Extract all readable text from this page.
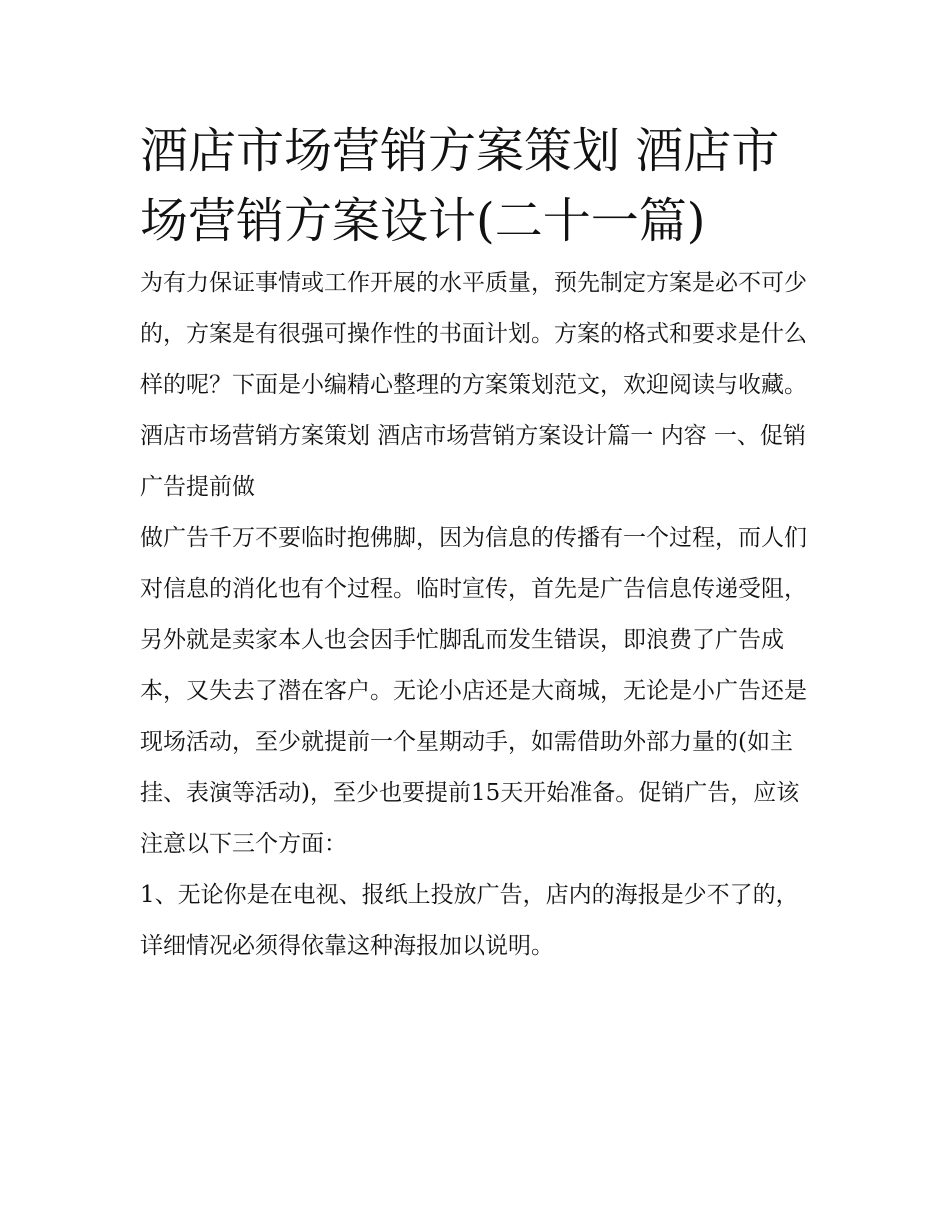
酒店市场营销方案策划 酒店市场营销方案设计(二十一篇)

为有力保证事情或工作开展的水平质量，预先制定方案是必不可少的，方案是有很强可操作性的书面计划。方案的格式和要求是什么样的呢？下面是小编精心整理的方案策划范文，欢迎阅读与收藏。

酒店市场营销方案策划 酒店市场营销方案设计篇一 内容 一、促销广告提前做

做广告千万不要临时抱佛脚，因为信息的传播有一个过程，而人们对信息的消化也有个过程。临时宣传，首先是广告信息传递受阻，另外就是卖家本人也会因手忙脚乱而发生错误，即浪费了广告成本，又失去了潜在客户。无论小店还是大商城，无论是小广告还是现场活动，至少就提前一个星期动手，如需借助外部力量的(如主挂、表演等活动)，至少也要提前15天开始准备。促销广告，应该注意以下三个方面：

1、无论你是在电视、报纸上投放广告，店内的海报是少不了的，详细情况必须得依靠这种海报加以说明。
